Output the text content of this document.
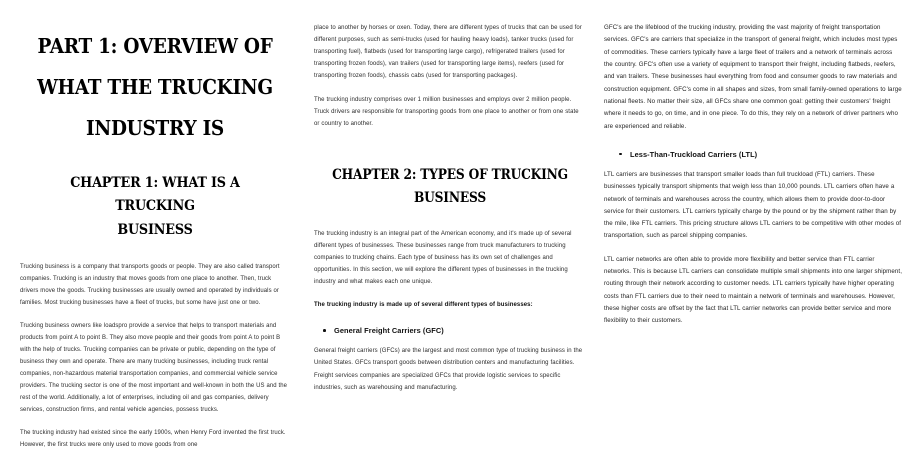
PART 1: OVERVIEW OF
WHAT THE TRUCKING
INDUSTRY IS
CHAPTER 1: WHAT IS A TRUCKING
BUSINESS

Trucking business is a company that transports goods or people. They are also called transport companies. Trucking is an industry that moves goods from one place to another. Then, truck drivers move the goods. Trucking businesses are usually owned and operated by individuals or families. Most trucking businesses have a fleet of trucks, but some have just one or two.

Trucking business owners like loadspro provide a service that helps to transport materials and products from point A to point B. They also move people and their goods from point A to point B with the help of trucks. Trucking companies can be private or public, depending on the type of business they own and operate. There are many trucking businesses, including truck rental companies, non-hazardous material transportation companies, and commercial vehicle service providers. The trucking sector is one of the most important and well-known in both the US and the rest of the world. Additionally, a lot of enterprises, including oil and gas companies, delivery services, construction firms, and rental vehicle agencies, possess trucks.

The trucking industry had existed since the early 1900s, when Henry Ford invented the first truck. However, the first trucks were only used to move goods from one

place to another by horses or oxen. Today, there are different types of trucks that can be used for different purposes, such as semi-trucks (used for hauling heavy loads), tanker trucks (used for transporting fuel), flatbeds (used for transporting large cargo), refrigerated trailers (used for transporting frozen foods), van trailers (used for transporting large items), reefers (used for transporting frozen foods), chassis cabs (used for transporting packages).

The trucking industry comprises over 1 million businesses and employs over 2 million people. Truck drivers are responsible for transporting goods from one place to another or from one state or country to another.

CHAPTER 2: TYPES OF TRUCKING
BUSINESS

The trucking industry is an integral part of the American economy, and it's made up of several different types of businesses. These businesses range from truck manufacturers to trucking companies to trucking chains. Each type of business has its own set of challenges and opportunities. In this section, we will explore the different types of businesses in the trucking industry and what makes each one unique.

The trucking industry is made up of several different types of businesses:

General Freight Carriers (GFC)

General freight carriers (GFCs) are the largest and most common type of trucking business in the United States. GFCs transport goods between distribution centers and manufacturing facilities. Freight services companies are specialized GFCs that provide logistic services to specific industries, such as warehousing and manufacturing.

GFC's are the lifeblood of the trucking industry, providing the vast majority of freight transportation services. GFC's are carriers that specialize in the transport of general freight, which includes most types of commodities. These carriers typically have a large fleet of trailers and a network of terminals across the country. GFC's often use a variety of equipment to transport their freight, including flatbeds, reefers, and van trailers. These businesses haul everything from food and consumer goods to raw materials and construction equipment. GFC's come in all shapes and sizes, from small family-owned operations to large national fleets. No matter their size, all GFCs share one common goal: getting their customers' freight where it needs to go, on time, and in one piece. To do this, they rely on a network of driver partners who are experienced and reliable.

Less-Than-Truckload Carriers (LTL)

LTL carriers are businesses that transport smaller loads than full truckload (FTL) carriers. These businesses typically transport shipments that weigh less than 10,000 pounds. LTL carriers often have a network of terminals and warehouses across the country, which allows them to provide door-to-door service for their customers. LTL carriers typically charge by the pound or by the shipment rather than by the mile, like FTL carriers. This pricing structure allows LTL carriers to be competitive with other modes of transportation, such as parcel shipping companies.

LTL carrier networks are often able to provide more flexibility and better service than FTL carrier networks. This is because LTL carriers can consolidate multiple small shipments into one larger shipment, routing through their network according to customer needs. LTL carriers typically have higher operating costs than FTL carriers due to their need to maintain a network of terminals and warehouses. However, these higher costs are offset by the fact that LTL carrier networks can provide better service and more flexibility to their customers.
